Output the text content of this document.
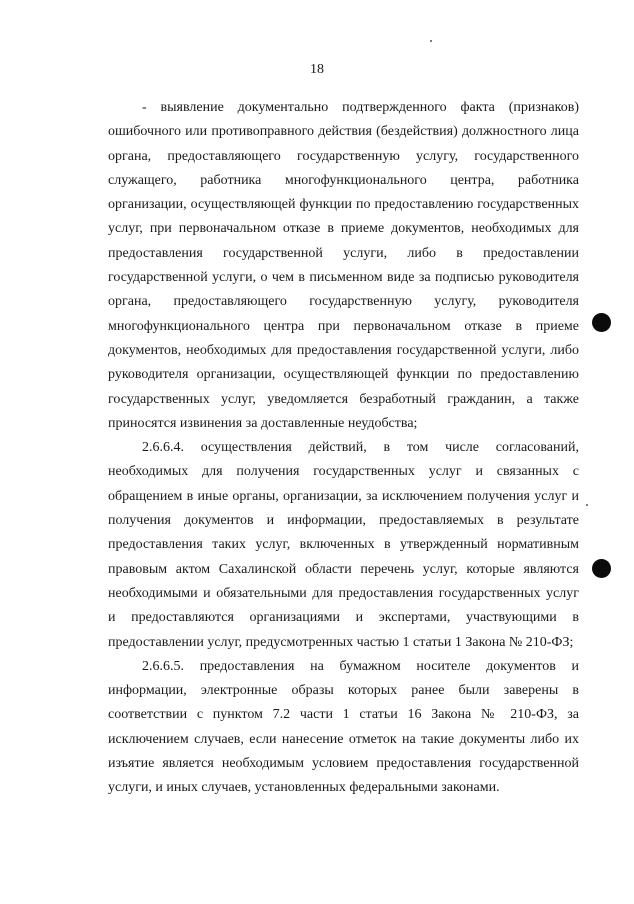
18
- выявление документально подтвержденного факта (признаков)
ошибочного или противоправного действия (бездействия) должностного лица
органа, предоставляющего государственную услугу, государственного
служащего, работника многофункционального центра, работника
организации, осуществляющей функции по предоставлению государственных
услуг, при первоначальном отказе в приеме документов, необходимых для
предоставления государственной услуги, либо в предоставлении
государственной услуги, о чем в письменном виде за подписью руководителя
органа, предоставляющего государственную услугу, руководителя
многофункционального центра при первоначальном отказе в приеме
документов, необходимых для предоставления государственной услуги, либо
руководителя организации, осуществляющей функции по предоставлению
государственных услуг, уведомляется безработный гражданин, а также
приносятся извинения за доставленные неудобства;
2.6.6.4. осуществления действий, в том числе согласований,
необходимых для получения государственных услуг и связанных с
обращением в иные органы, организации, за исключением получения услуг и
получения документов и информации, предоставляемых в результате
предоставления таких услуг, включенных в утвержденный нормативным
правовым актом Сахалинской области перечень услуг, которые являются
необходимыми и обязательными для предоставления государственных услуг
и предоставляются организациями и экспертами, участвующими в
предоставлении услуг, предусмотренных частью 1 статьи 1 Закона № 210-ФЗ;
2.6.6.5. предоставления на бумажном носителе документов и
информации, электронные образы которых ранее были заверены в
соответствии с пунктом 7.2 части 1 статьи 16 Закона № 210-ФЗ, за
исключением случаев, если нанесение отметок на такие документы либо их
изъятие является необходимым условием предоставления государственной
услуги, и иных случаев, установленных федеральными законами.
